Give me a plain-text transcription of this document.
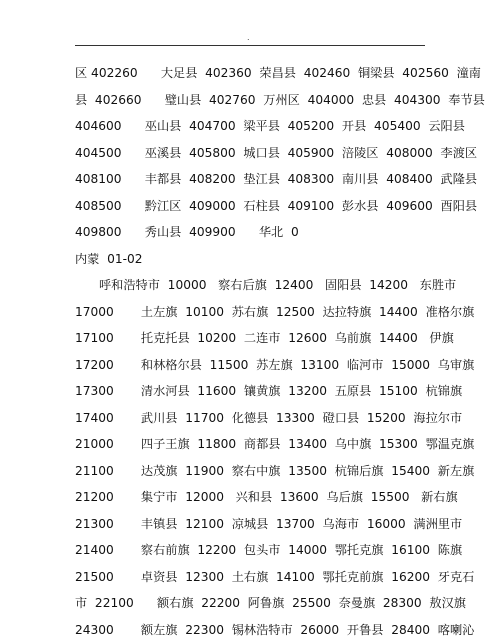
.
区 402260      大足县  402360  荣昌县  402460  铜梁县  402560  潼南
县  402660      璧山县  402760  万州区  404000  忠县  404300  奉节县
404600      巫山县  404700  梁平县  405200  开县  405400  云阳县
404500      巫溪县  405800  城口县  405900  涪陵区  408000  李渡区
408100      丰都县  408200  垫江县  408300  南川县  408400  武隆县
408500      黔江区  409000  石柱县  409100  彭水县  409600  酉阳县
409800      秀山县  409900      华北  0
内蒙  01-02
呼和浩特市  10000   察右后旗  12400   固阳县  14200   东胜市
17000       土左旗  10100  苏右旗  12500  达拉特旗  14400  准格尔旗
17100       托克托县  10200  二连市  12600  乌前旗  14400   伊旗
17200       和林格尔县  11500  苏左旗  13100  临河市  15000  乌审旗
17300       清水河县  11600  镶黄旗  13200  五原县  15100  杭锦旗
17400       武川县  11700  化德县  13300  磴口县  15200  海拉尔市
21000       四子王旗  11800  商都县  13400  乌中旗  15300  鄂温克旗
21100       达茂旗  11900  察右中旗  13500  杭锦后旗  15400  新左旗
21200       集宁市  12000   兴和县  13600  乌后旗  15500   新右旗
21300       丰镇县  12100  凉城县  13700  乌海市  16000  满洲里市
21400       察右前旗  12200  包头市  14000  鄂托克旗  16100  陈旗
21500       卓资县  12300  土右旗  14100  鄂托克前旗  16200  牙克石
市  22100      额右旗  22200  阿鲁旗  25500  奈曼旗  28300  敖汉旗
24300       额左旗  22300  锡林浩特市  26000  开鲁县  28400  喀喇沁
